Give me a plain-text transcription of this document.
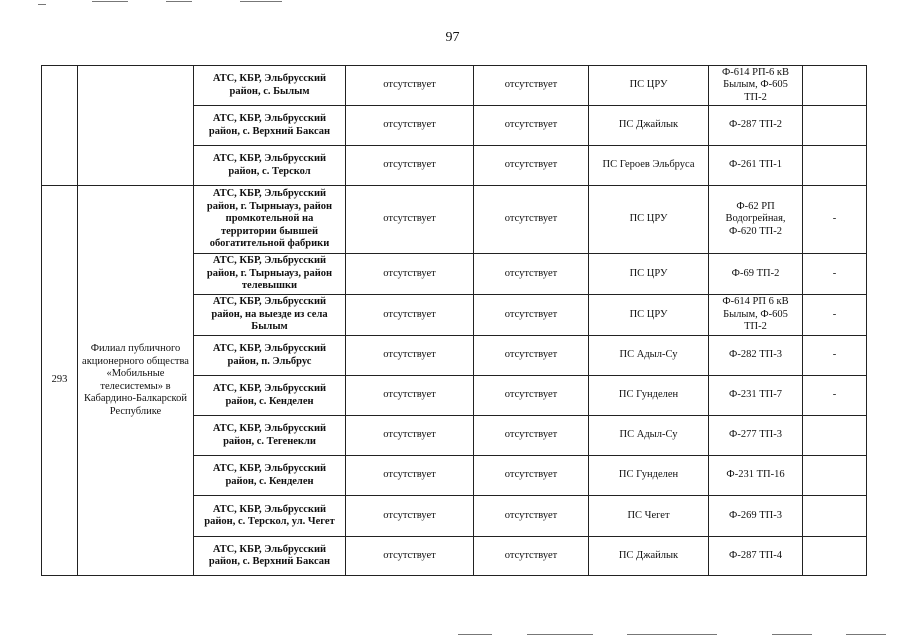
97
		АТС, КБР, Эльбрусский район, с. Былым	отсутствует	отсутствует	ПС ЦРУ	Ф-614 РП-6 кВ Былым, Ф-605 ТП-2	
		АТС, КБР, Эльбрусский район, с. Верхний Баксан	отсутствует	отсутствует	ПС Джайлык	Ф-287 ТП-2	
		АТС, КБР, Эльбрусский район, с. Терскол	отсутствует	отсутствует	ПС Героев Эльбруса	Ф-261 ТП-1	
293	Филиал публичного акционерного общества «Мобильные телесистемы» в Кабардино-Балкарской Республике	АТС, КБР, Эльбрусский район, г. Тырныауз, район промкотельной на территории бывшей обогатительной фабрики	отсутствует	отсутствует	ПС ЦРУ	Ф-62 РП Водогрейная, Ф-620 ТП-2	-
		АТС, КБР, Эльбрусский район, г. Тырныауз, район телевышки	отсутствует	отсутствует	ПС ЦРУ	Ф-69 ТП-2	-
		АТС, КБР, Эльбрусский район, на выезде из села Былым	отсутствует	отсутствует	ПС ЦРУ	Ф-614 РП 6 кВ Былым, Ф-605 ТП-2	-
		АТС, КБР, Эльбрусский район, п. Эльбрус	отсутствует	отсутствует	ПС Адыл-Су	Ф-282 ТП-3	-
		АТС, КБР, Эльбрусский район, с. Кенделен	отсутствует	отсутствует	ПС Гунделен	Ф-231 ТП-7	-
		АТС, КБР, Эльбрусский район, с. Тегенекли	отсутствует	отсутствует	ПС Адыл-Су	Ф-277 ТП-3	
		АТС, КБР, Эльбрусский район, с. Кенделен	отсутствует	отсутствует	ПС Гунделен	Ф-231 ТП-16	
		АТС, КБР, Эльбрусский район, с. Терскол, ул. Чегет	отсутствует	отсутствует	ПС Чегет	Ф-269 ТП-3	
		АТС, КБР, Эльбрусский район, с. Верхний Баксан	отсутствует	отсутствует	ПС Джайлык	Ф-287 ТП-4	
